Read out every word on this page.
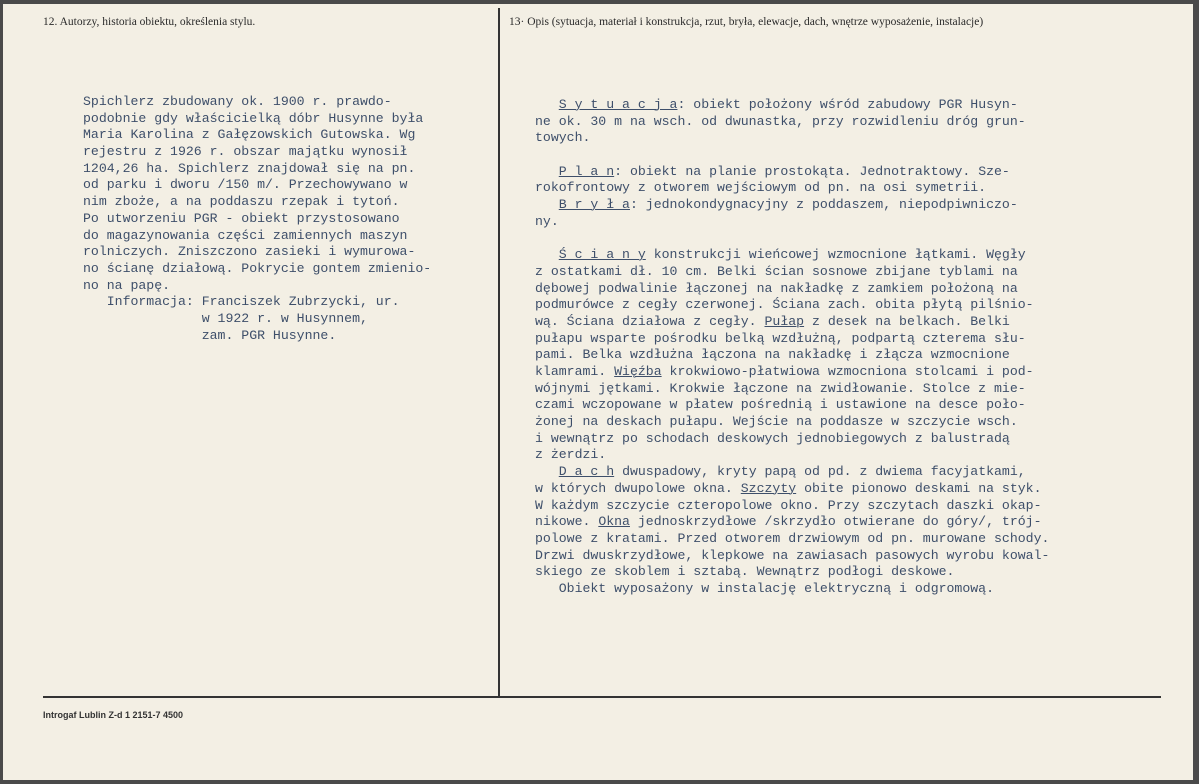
12. Autorzy, historia obiektu, określenia stylu.	13· Opis (sytuacja, materiał i konstrukcja, rzut, bryła, elewacje, dach, wnętrze wyposażenie, instalacje)
Spichlerz zbudowany ok. 1900 r. prawdo-
podobnie gdy właścicielką dóbr Husynne była
Maria Karolina z Gałęzowskich Gutowska. Wg
rejestru z 1926 r. obszar majątku wynosił
1204,26 ha. Spichlerz znajdował się na pn.
od parku i dworu /150 m/. Przechowywano w
nim zboże, a na poddaszu rzepak i tytoń.
Po utworzeniu PGR - obiekt przystosowano
do magazynowania części zamiennych maszyn
rolniczych. Zniszczono zasieki i wymurowa-
no ścianę działową. Pokrycie gontem zmienio-
no na papę.
Informacja: Franciszek Zubrzycki, ur.
w 1922 r. w Husynnem,
zam. PGR Husynne.
S y t u a c j a: obiekt położony wśród zabudowy PGR Husyn-
ne ok. 30 m na wsch. od dwunastka, przy rozwidleniu dróg grun-
towych.
P l a n: obiekt na planie prostokąta. Jednotraktowy. Sze-
rokofrontowy z otworem wejściowym od pn. na osi symetrii.
B r y ł a: jednokondygnacyjny z poddaszem, niepodpiwniczo-
ny.
Ś c i a n y konstrukcji wieńcowej wzmocnione łątkami. Węgły
z ostatkami dł. 10 cm. Belki ścian sosnowe zbijane tyblami na
dębowej podwalinie łączonej na nakładkę z zamkiem położoną na
podmurówce z cegły czerwonej. Ściana zach. obita płytą pilśnio-
wą. Ściana działowa z cegły. Pułap z desek na belkach. Belki
pułapu wsparte pośrodku belką wzdłużną, podpartą czterema słu-
pami. Belka wzdłużna łączona na nakładkę i złącza wzmocnione
klamrami. Więźba krokwiowo-płatwiowa wzmocniona stolcami i pod-
wójnymi jętkami. Krokwie łączone na zwidłowanie. Stolce z mie-
czami wczopowane w płatew pośrednią i ustawione na desce poło-
żonej na deskach pułapu. Wejście na poddasze w szczycie wsch.
i wewnątrz po schodach deskowych jednobiegowych z balustradą
z żerdzi.
D a c h dwuspadowy, kryty papą od pd. z dwiema facyjatkami,
w których dwupolowe okna. Szczyty obite pionowo deskami na styk.
W każdym szczycie czteropolowe okno. Przy szczytach daszki okap-
nikowe. Okna jednoskrzydłowe /skrzydło otwierane do góry/, trój-
polowe z kratami. Przed otworem drzwiowym od pn. murowane schody.
Drzwi dwuskrzydłowe, klepkowe na zawiasach pasowych wyrobu kowal-
skiego ze skoblem i sztabą. Wewnątrz podłogi deskowe.
Obiekt wyposażony w instalację elektryczną i odgromową.
Introgaf Lublin Z-d 1 2151-7 4500
